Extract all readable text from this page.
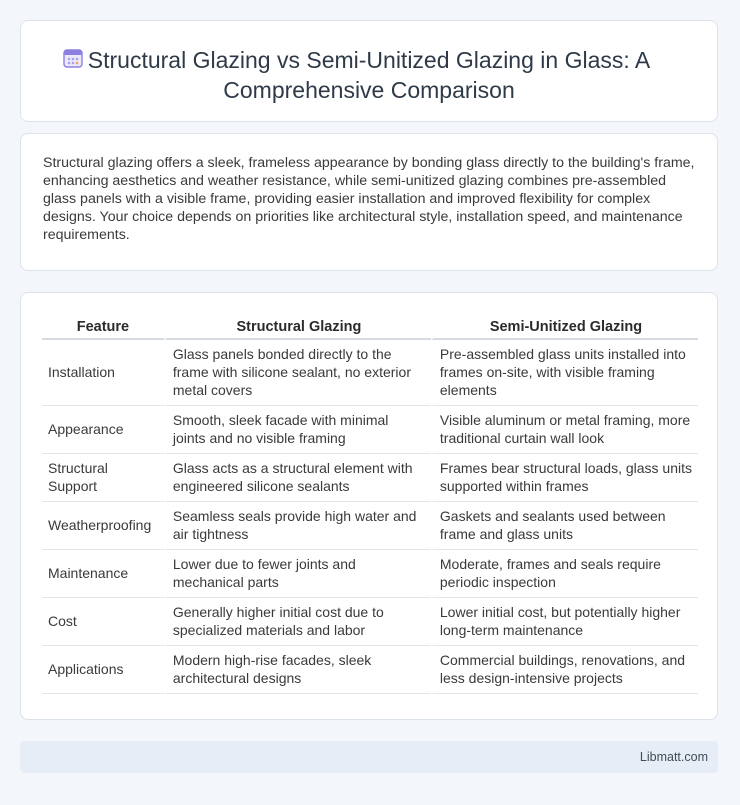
Structural Glazing vs Semi-Unitized Glazing in Glass: A Comprehensive Comparison
Structural glazing offers a sleek, frameless appearance by bonding glass directly to the building's frame, enhancing aesthetics and weather resistance, while semi-unitized glazing combines pre-assembled glass panels with a visible frame, providing easier installation and improved flexibility for complex designs. Your choice depends on priorities like architectural style, installation speed, and maintenance requirements.
Feature	Structural Glazing	Semi-Unitized Glazing
Installation	Glass panels bonded directly to the frame with silicone sealant, no exterior metal covers	Pre-assembled glass units installed into frames on-site, with visible framing elements
Appearance	Smooth, sleek facade with minimal joints and no visible framing	Visible aluminum or metal framing, more traditional curtain wall look
Structural Support	Glass acts as a structural element with engineered silicone sealants	Frames bear structural loads, glass units supported within frames
Weatherproofing	Seamless seals provide high water and air tightness	Gaskets and sealants used between frame and glass units
Maintenance	Lower due to fewer joints and mechanical parts	Moderate, frames and seals require periodic inspection
Cost	Generally higher initial cost due to specialized materials and labor	Lower initial cost, but potentially higher long-term maintenance
Applications	Modern high-rise facades, sleek architectural designs	Commercial buildings, renovations, and less design-intensive projects
Libmatt.com
